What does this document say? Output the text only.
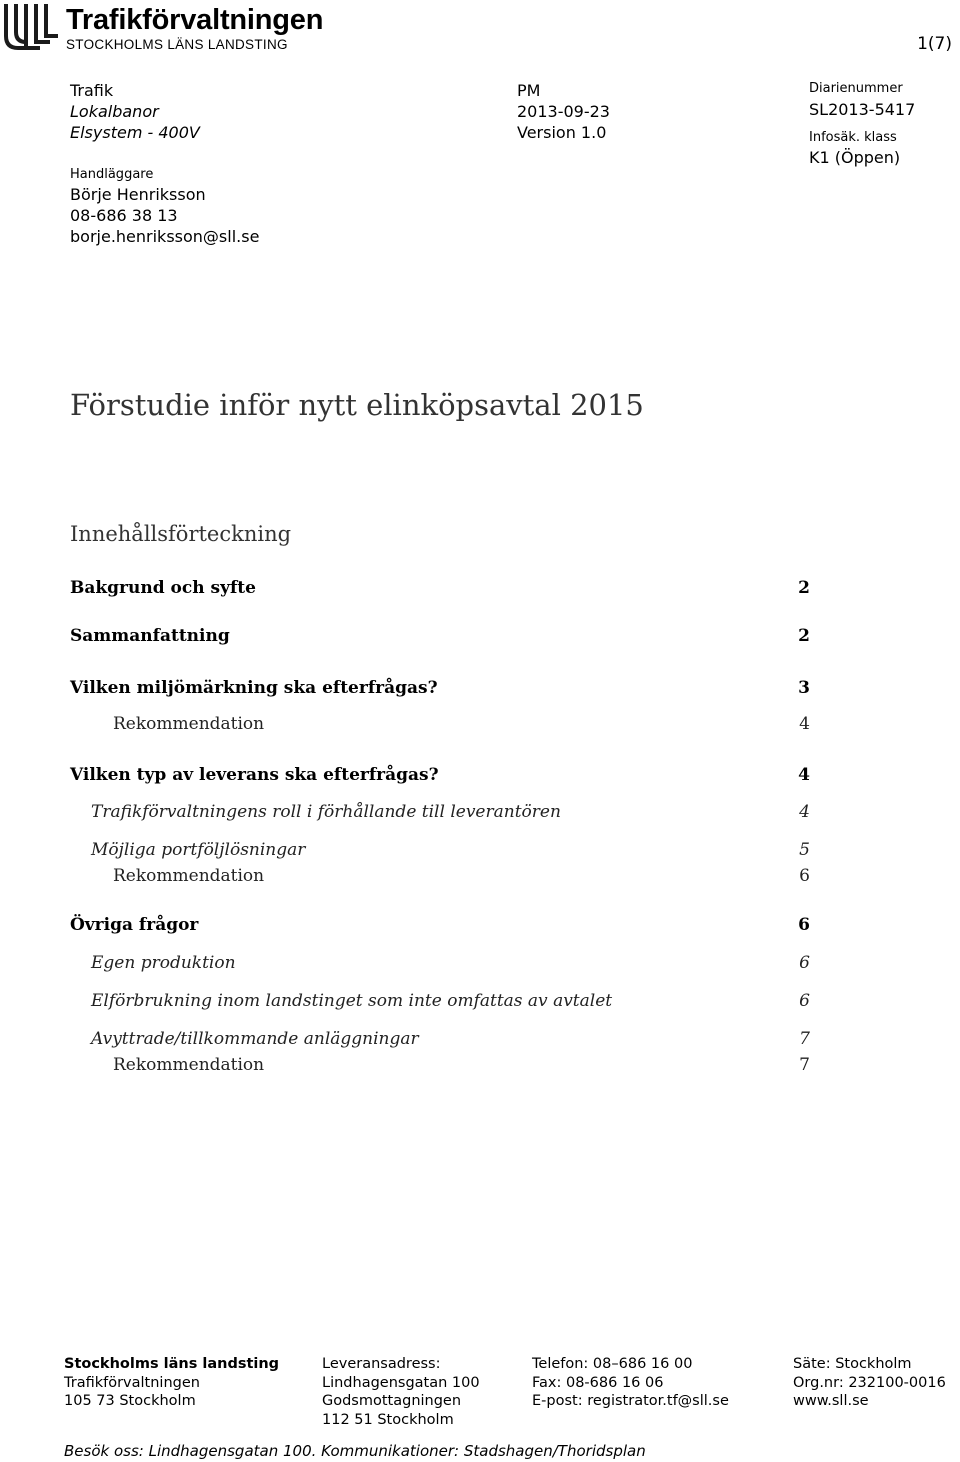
Trafikförvaltningen
STOCKHOLMS LÄNS LANDSTING	1(7)
Trafik
Lokalbanor
Elsystem - 400V
Handläggare
Börje Henriksson
08-686 38 13
borje.henriksson@sll.se
PM
2013-09-23
Version 1.0
Diarienummer
SL2013-5417
Infosäk. klass
K1 (Öppen)
Förstudie inför nytt elinköpsavtal 2015
Innehållsförteckning
Bakgrund och syfte	2
Sammanfattning	2
Vilken miljömärkning ska efterfrågas?	3
Rekommendation	4
Vilken typ av leverans ska efterfrågas?	4
Trafikförvaltningens roll i förhållande till leverantören	4
Möjliga portföljlösningar	5
Rekommendation	6
Övriga frågor	6
Egen produktion	6
Elförbrukning inom landstinget som inte omfattas av avtalet	6
Avyttrade/tillkommande anläggningar	7
Rekommendation	7
Stockholms läns landsting
Trafikförvaltningen
105 73 Stockholm
Leveransadress:
Lindhagensgatan 100
Godsmottagningen
112 51 Stockholm
Telefon: 08–686 16 00
Fax: 08-686 16 06
E-post: registrator.tf@sll.se
Säte: Stockholm
Org.nr: 232100-0016
www.sll.se
Besök oss: Lindhagensgatan 100. Kommunikationer: Stadshagen/Thoridsplan
